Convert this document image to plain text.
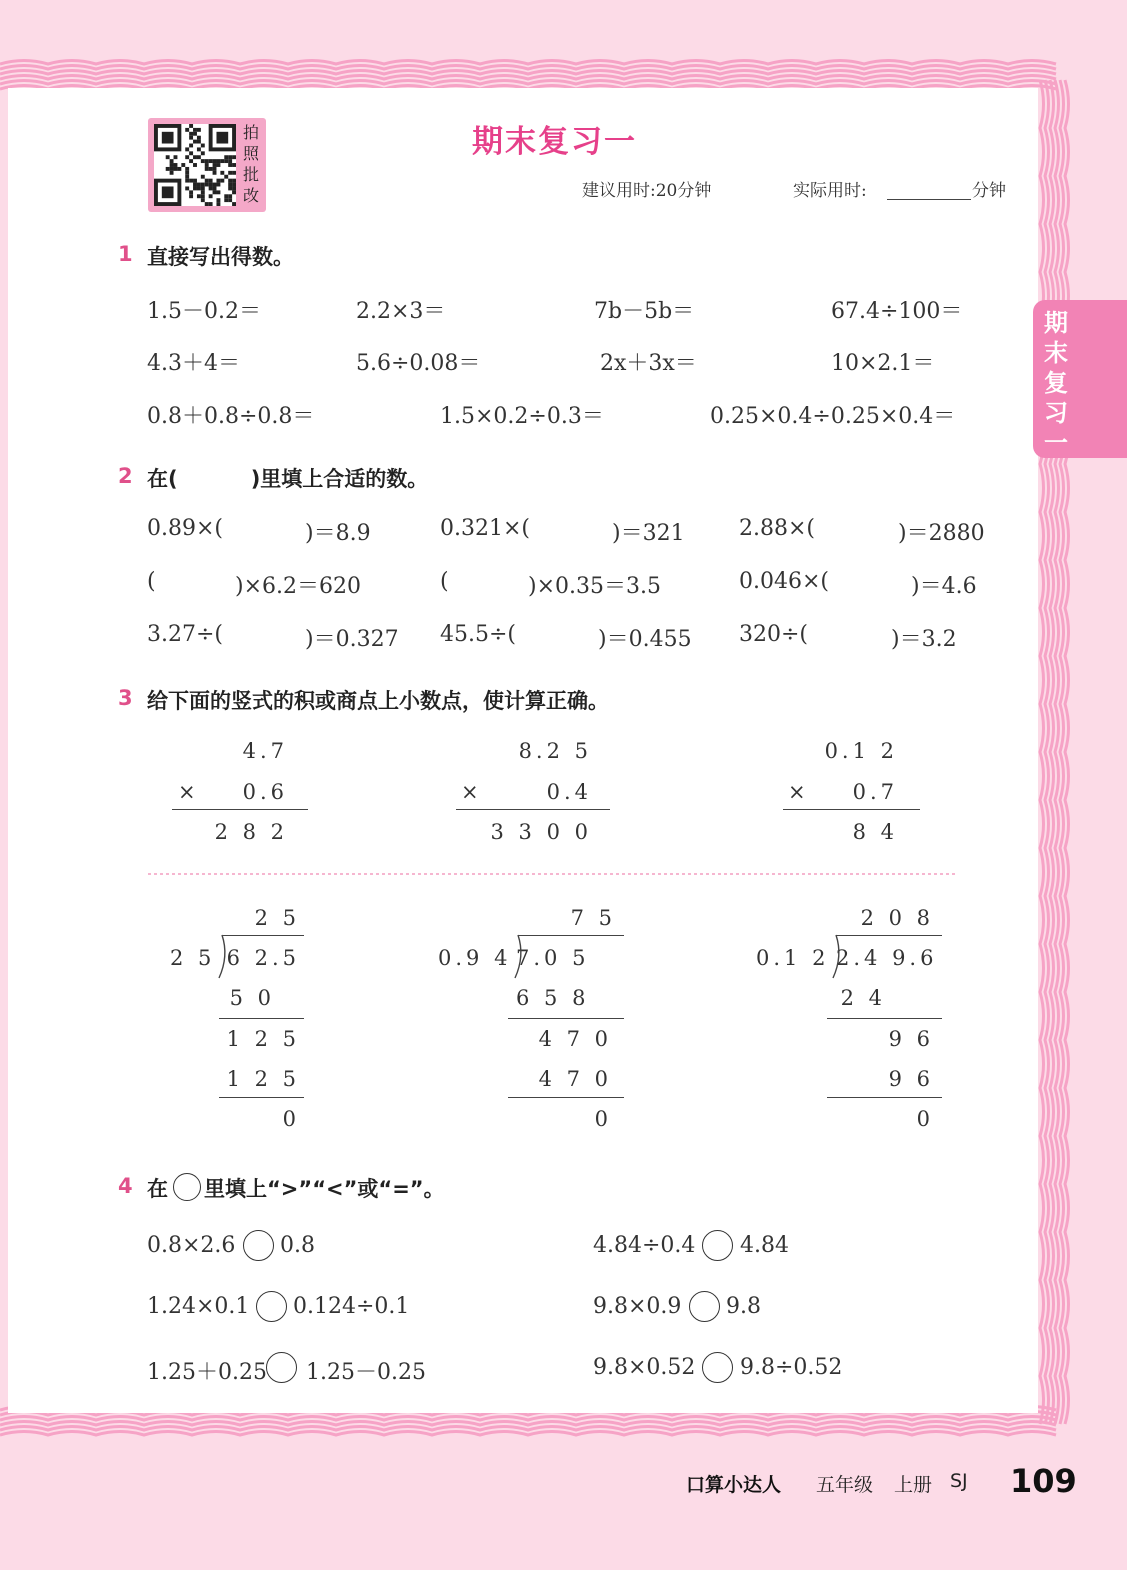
期末复习一
拍照批改
期末复习一
建议用时:20分钟	实际用时:	分钟
1 直接写出得数。
1.5－0.2＝	2.2×3＝	7b－5b＝	67.4÷100＝
4.3＋4＝	5.6÷0.08＝	2x＋3x＝	10×2.1＝
0.8＋0.8÷0.8＝	1.5×0.2÷0.3＝	0.25×0.4÷0.25×0.4＝
2 在(          )里填上合适的数。
0.89×(	)＝8.9	0.321×(	)＝321 2.88×(	)＝2880
(	)×6.2＝620	(	)×0.35＝3.5	0.046×(	)＝4.6
3.27÷(	)＝0.327 45.5÷(	)＝0.455 320÷(	)＝3.2
3 给下面的竖式的积或商点上小数点，使计算正确。
4.7
×	0.6
2 8 2
8.2 5
×	0.4
3 3 0 0
0.1 2
×	0.7
8 4
2 5
2 5 6 2.5
5 0
1 2 5
1 2 5
0
7 5
0.9 4 7.0 5
6 5 8
4 7 0
4 7 0
0
2 0 8
0.1 2 2.4 9.6
2 4
9 6
9 6
0
4 在 里填上“>”“<”或“=”。
0.8×2.6 0.8	4.84÷0.4 4.84
1.24×0.1 0.124÷0.1	9.8×0.9 9.8
1.25＋0.25 1.25－0.25	9.8×0.52 9.8÷0.52
口算小达人 五年级 上册 SJ 109
